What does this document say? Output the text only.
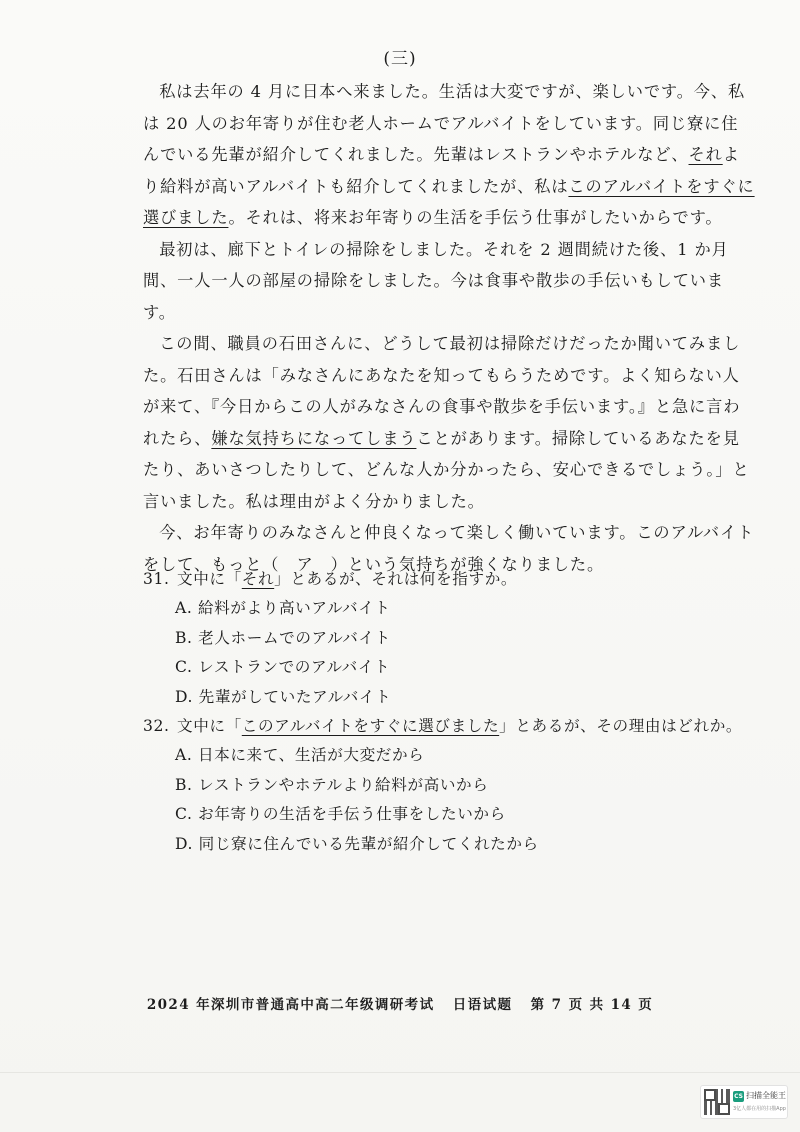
(三)

私は去年の 4 月に日本へ来ました。生活は大変ですが、楽しいです。今、私は 20 人のお年寄りが住む老人ホームでアルバイトをしています。同じ寮に住んでいる先輩が紹介してくれました。先輩はレストランやホテルなど、それより給料が高いアルバイトも紹介してくれましたが、私はこのアルバイトをすぐに選びました。それは、将来お年寄りの生活を手伝う仕事がしたいからです。

最初は、廊下とトイレの掃除をしました。それを 2 週間続けた後、1 か月間、一人一人の部屋の掃除をしました。今は食事や散歩の手伝いもしています。

この間、職員の石田さんに、どうして最初は掃除だけだったか聞いてみました。石田さんは「みなさんにあなたを知ってもらうためです。よく知らない人が来て、『今日からこの人がみなさんの食事や散歩を手伝います。』と急に言われたら、嫌な気持ちになってしまうことがあります。掃除しているあなたを見たり、あいさつしたりして、どんな人か分かったら、安心できるでしょう。」と言いました。私は理由がよく分かりました。

今、お年寄りのみなさんと仲良くなって楽しく働いています。このアルバイトをして、もっと（　ア　）という気持ちが強くなりました。

31. 文中に「それ」とあるが、それは何を指すか。
A. 給料がより高いアルバイト
B. 老人ホームでのアルバイト
C. レストランでのアルバイト
D. 先輩がしていたアルバイト
32. 文中に「このアルバイトをすぐに選びました」とあるが、その理由はどれか。
A. 日本に来て、生活が大変だから
B. レストランやホテルより給料が高いから
C. お年寄りの生活を手伝う仕事をしたいから
D. 同じ寮に住んでいる先輩が紹介してくれたから
2024 年深圳市普通高中高二年级调研考试   日语试题   第 7 页 共 14 页
CS 扫描全能王
3亿人都在用的扫描App
